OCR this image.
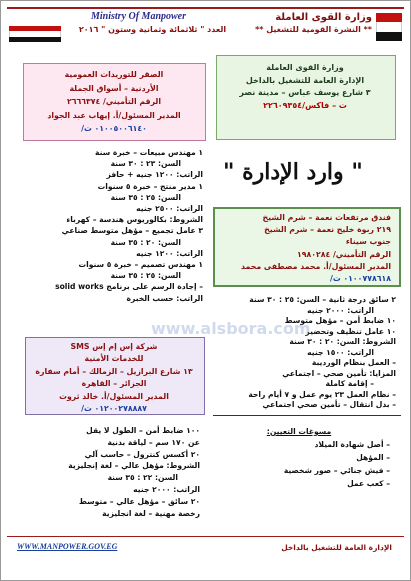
Ministry Of Manpower	وزارة القوى العاملة
العدد " ثلاثمائة وثمانية وستون " ٢٠١٦	** النشرة القومية للتشغيل **

وزارة القوى العاملة

الإدارة العامة للتشغيل بالداخل

٣ شارع يوسف عباس – مدينة نصر

ت – فاكس/٢٢٦٠٩٣٥٤

الصقر للتوريدات العمومية

الأردنية – أسواق الجملة

الرقم التأميني/ ٢٦٦٦٣٧٤

المدير المسئول/أ. إيهاب عبد الجواد

٠١٠٠٥٠٠٦١٤٠ ت/

" وارد الإدارة "

١ مهندس مبيعات – خبرة سنة

السن: ٢٣ : ٣٠ سنة

الراتب: ١٢٠٠ جنيه + حافز

١ مدير منتج – خبرة ٥ سنوات

السن: ٢٥ : ٣٥ سنة

الراتب: ٢٥٠٠ جنيه

الشروط: بكالوريوس هندسة – كهرباء

٣ عامل تجميع – مؤهل متوسط صناعي

السن: ٢٠ : ٣٥ سنة

الراتب: ١٢٠٠ جنيه

١ مهندس تصميم – خبرة ٥ سنوات

السن: ٢٥ : ٣٥ سنة

– إجادة الرسم على برنامج solid works

الراتب: حسب الخبرة

فندق مرتفعات نعمة – شرم الشيخ

٢١٩ ربوة خليج نعمة – شرم الشيخ

جنوب سيناء

الرقم التأميني/ ١٩٨٠٢٨٤

المدير المسئول/أ. محمد مصطفى محمد

٠١٠٠٧٧٨٦١٨ ت/

٢ سائق درجة ثانية – السن: ٢٥ : ٣٠ سنة

الراتب: ٢٠٠٠ جنيه

١٠ ضابط أمن – مؤهل متوسط

١٠ عامل تنظيف وتحضير

الشروط: السن: ٢٠ : ٣٠ سنة

الراتب: ١٥٠٠ جنيه

– العمل بنظام الورديبة

المزايا: تأمين صحي – اجتماعي

– إقامة كاملة

– نظام العمل ٢٣ يوم عمل و ٧ أيام راحة

– بدل انتقال – تأمين صحي اجتماعي

شركة إس إم إس SMS

للخدمات الأمنية

١٣ شارع البرازيل – الزمالك – أمام سفارة

الجزائر – القاهرة

المدير المسئول/أ. خالد ثروت

٠١٢٠٠٢٧٨٨٨٧ ت/

١٠٠ ضابط أمن – الطول لا يقل

عن ١٧٠ سم – لياقة بدنية

٢٠ أكسس كنترول – حاسب آلي

الشروط: مؤهل عالي – لغة إنجليزية

السن: ٢٢ : ٣٥ سنة

الراتب: ٢٠٠٠ جنيه

٢٠ سائق – مؤهل عالي – متوسط

رخصة مهنية – لغة انجليزية

مسوغات التعيين:

– أصل شهادة الميلاد

– المؤهل

– فيش جنائي – صور شخصية

– كعب عمل

www.alsbora.com
WWW.MANPOWER.GOV.EG	الإدارة العامة للتشغيل بالداخل
